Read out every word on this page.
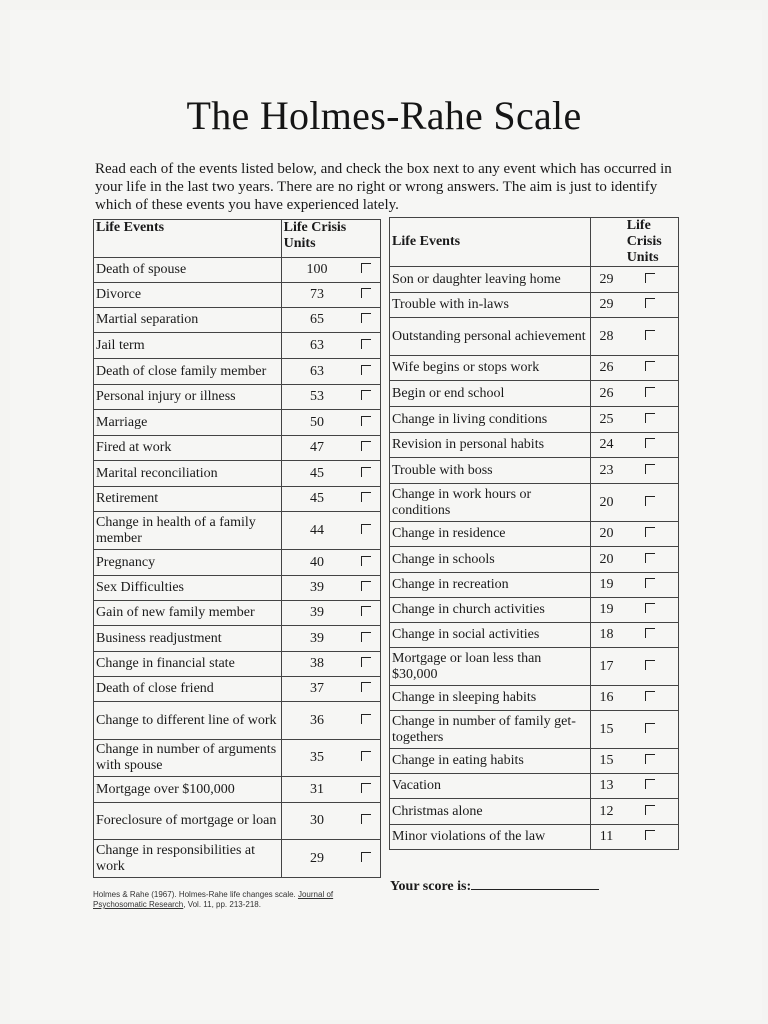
The Holmes-Rahe Scale

Read each of the events listed below, and check the box next to any event which has occurred in your life in the last two years. There are no right or wrong answers. The aim is just to identify which of these events you have experienced lately.

Life Events	Life Crisis Units	
Death of spouse	100	
Divorce	73	
Martial separation	65	
Jail term	63	
Death of close family member	63	
Personal injury or illness	53	
Marriage	50	
Fired at work	47	
Marital reconciliation	45	
Retirement	45	
Change in health of a family member	44	
Pregnancy	40	
Sex Difficulties	39	
Gain of new family member	39	
Business readjustment	39	
Change in financial state	38	
Death of close friend	37	
Change to different line of work	36	
Change in number of arguments with spouse	35	
Mortgage over $100,000	31	
Foreclosure of mortgage or loan	30	
Change in responsibilities at work	29	
Life Events	Life Crisis Units	
Son or daughter leaving home	29	
Trouble with in-laws	29	
Outstanding personal achievement	28	
Wife begins or stops work	26	
Begin or end school	26	
Change in living conditions	25	
Revision in personal habits	24	
Trouble with boss	23	
Change in work hours or conditions	20	
Change in residence	20	
Change in schools	20	
Change in recreation	19	
Change in church activities	19	
Change in social activities	18	
Mortgage or loan less than $30,000	17	
Change in sleeping habits	16	
Change in number of family get-togethers	15	
Change in eating habits	15	
Vacation	13	
Christmas alone	12	
Minor violations of the law	11	
Your score is:
Holmes & Rahe (1967). Holmes-Rahe life changes scale. Journal of Psychosomatic Research, Vol. 11, pp. 213-218.
